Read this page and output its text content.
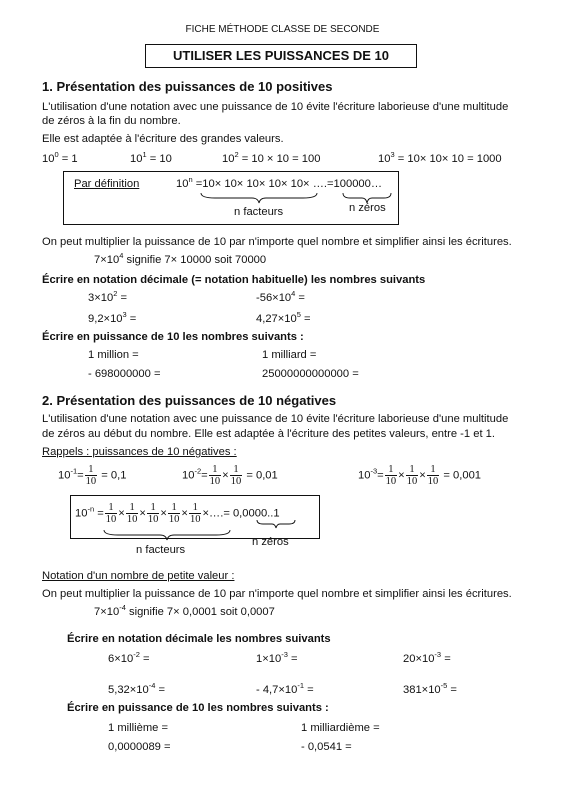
FICHE MÉTHODE CLASSE DE SECONDE
UTILISER LES PUISSANCES DE 10
1. Présentation des puissances de 10 positives
L'utilisation d'une notation avec une puissance de 10 évite l'écriture laborieuse d'une multitude
de zéros à la fin du nombre.
Elle est adaptée à l'écriture des grandes valeurs.
$10^0 = 1$	$10^1 = 10$	$10^2 = 10 \times 10 = 100$	$10^3 = 10\times 10\times 10 = 1000$
Par définition	$10^n =10\times 10\times 10\times 10\times 10\times$ ….=100000…
n facteurs	n zéros
On peut multiplier la puissance de 10 par n'importe quel nombre et simplifier ainsi les écritures.
$7\times 10^4$ signifie 7× 10000 soit 70000
Écrire en notation décimale (= notation habituelle) les nombres suivants
$3\times 10^2$ =	$-56\times 10^4$ =
$9,2\times 10^3$ =	$4,27\times 10^5$ =
Écrire en puissance de 10 les nombres suivants :
1 million =	1 milliard =
- 698000000 =	25000000000000 =
2. Présentation des puissances de 10 négatives
L'utilisation d'une notation avec une puissance de 10 évite l'écriture laborieuse d'une multitude
de zéros au début du nombre. Elle est adaptée à l'écriture des petites valeurs, entre -1 et 1.
Rappels : puissances de 10 négatives :
$10^{-1}= \frac{1}{10} = 0,1$	$10^{-2}= \frac{1}{10} \times \frac{1}{10} = 0,01$	$10^{-3}= \frac{1}{10} \times \frac{1}{10} \times \frac{1}{10} = 0,001$
$10^{-n} = \frac{1}{10} \times \frac{1}{10} \times \frac{1}{10} \times \frac{1}{10} \times \frac{1}{10}$ ×….= 0,0000..1
n facteurs
n zéros
Notation d'un nombre de petite valeur :
On peut multiplier la puissance de 10 par n'importe quel nombre et simplifier ainsi les écritures.
$7\times 10^{-4}$ signifie 7× 0,0001 soit 0,0007
Écrire en notation décimale les nombres suivants
$6\times 10^{-2}$ =	$1\times 10^{-3}$ =	$20\times 10^{-3}$ =
$5,32\times 10^{-4}$ =	- $4,7\times 10^{-1}$ =	$381\times 10^{-5}$ =
Écrire en puissance de 10 les nombres suivants :
1 millième =	1 milliardième =
0,0000089 =	- 0,0541 =
